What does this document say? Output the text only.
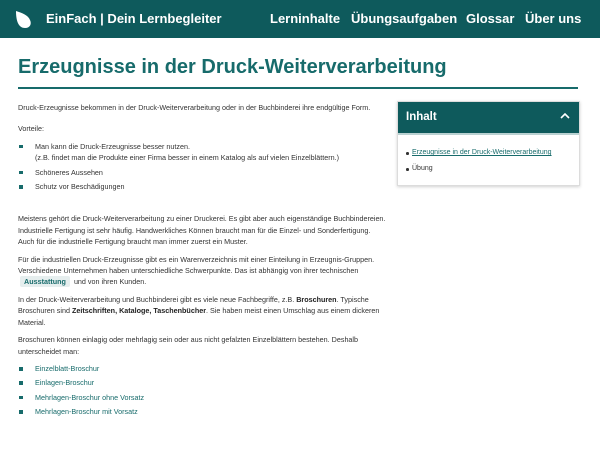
EinFach | Dein Lernbegleiter	Lerninhalte Übungsaufgaben Glossar Über uns
Erzeugnisse in der Druck-Weiterverarbeitung

Druck-Erzeugnisse bekommen in der Druck-Weiterverarbeitung oder in der Buchbinderei ihre endgültige Form.

Vorteile:

Man kann die Druck-Erzeugnisse besser nutzen.
(z.B. findet man die Produkte einer Firma besser in einem Katalog als auf vielen Einzelblättern.)
Schöneres Aussehen
Schutz vor Beschädigungen

Meistens gehört die Druck-Weiterverarbeitung zu einer Druckerei. Es gibt aber auch eigenständige Buchbindereien. Industrielle Fertigung ist sehr häufig. Handwerkliches Können braucht man für die Einzel- und Sonderfertigung. Auch für die industrielle Fertigung braucht man immer zuerst ein Muster.

Für die industriellen Druck-Erzeugnisse gibt es ein Warenverzeichnis mit einer Einteilung in Erzeugnis-Gruppen. Verschiedene Unternehmen haben unterschiedliche Schwerpunkte. Das ist abhängig von ihrer technischen Ausstattung und von ihren Kunden.

In der Druck-Weiterverarbeitung und Buchbinderei gibt es viele neue Fachbegriffe, z.B. Broschuren. Typische Broschuren sind Zeitschriften, Kataloge, Taschenbücher. Sie haben meist einen Umschlag aus einem dickeren Material.

Broschuren können einlagig oder mehrlagig sein oder aus nicht gefalzten Einzelblättern bestehen. Deshalb unterscheidet man:

Einzelblatt-Broschur
Einlagen-Broschur
Mehrlagen-Broschur ohne Vorsatz
Mehrlagen-Broschur mit Vorsatz
Inhalt
Erzeugnisse in der Druck-Weiterverarbeitung
Übung
